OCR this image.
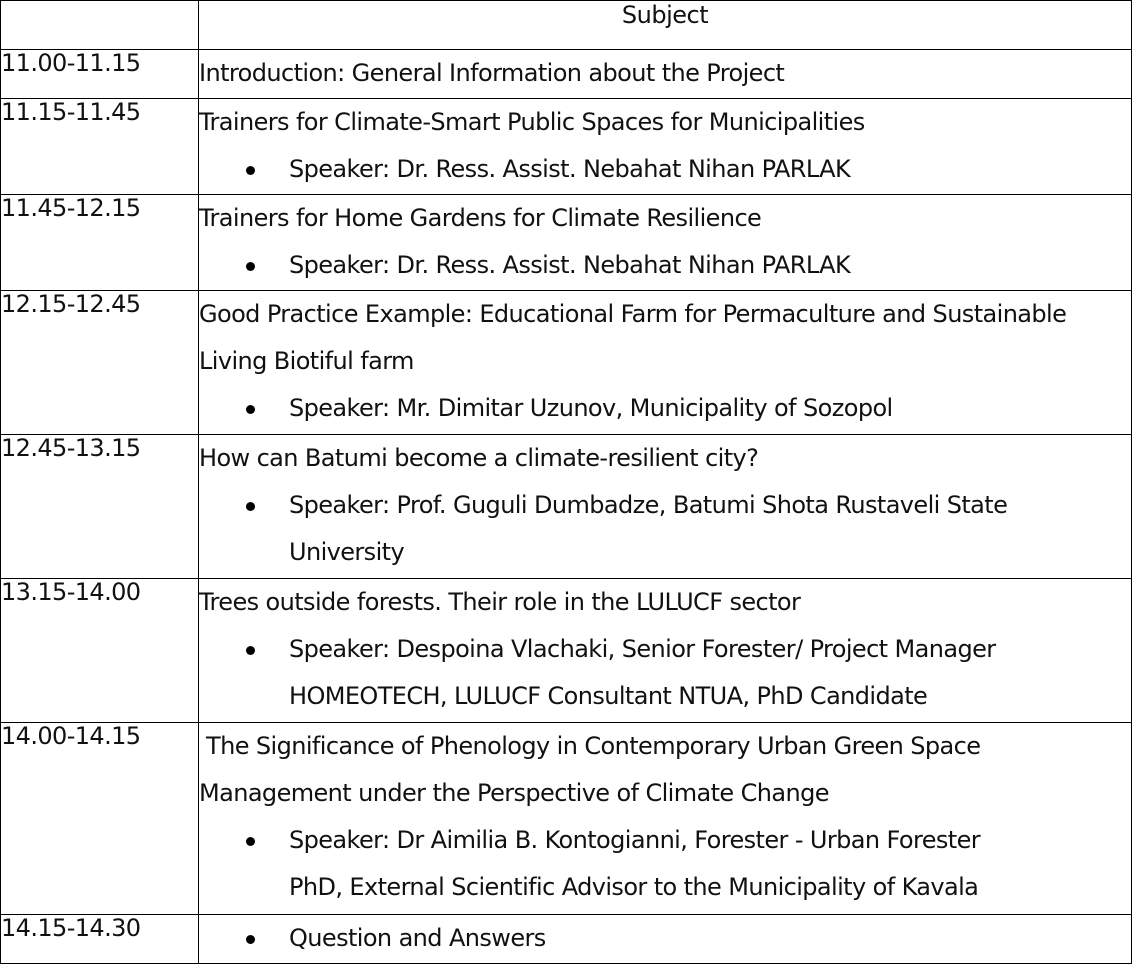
	Subject
11.00-11.15	Introduction: General Information about the Project

11.15-11.45	Trainers for Climate-Smart Public Spaces for Municipalities
Speaker: Dr. Ress. Assist. Nebahat Nihan PARLAK

11.45-12.15	Trainers for Home Gardens for Climate Resilience
Speaker: Dr. Ress. Assist. Nebahat Nihan PARLAK

12.15-12.45	Good Practice Example: Educational Farm for Permaculture and Sustainable Living Biotiful farm
Speaker: Mr. Dimitar Uzunov, Municipality of Sozopol

12.45-13.15	How can Batumi become a climate-resilient city?
Speaker: Prof. Guguli Dumbadze, Batumi Shota Rustaveli State University

13.15-14.00	Trees outside forests. Their role in the LULUCF sector
Speaker: Despoina Vlachaki, Senior Forester/ Project Manager HOMEOTECH, LULUCF Consultant NTUA, PhD Candidate

14.00-14.15	The Significance of Phenology in Contemporary Urban Green Space Management under the Perspective of Climate Change
Speaker: Dr Aimilia B. Kontogianni, Forester - Urban Forester PhD, External Scientific Advisor to the Municipality of Kavala

14.15-14.30	Question and Answers
